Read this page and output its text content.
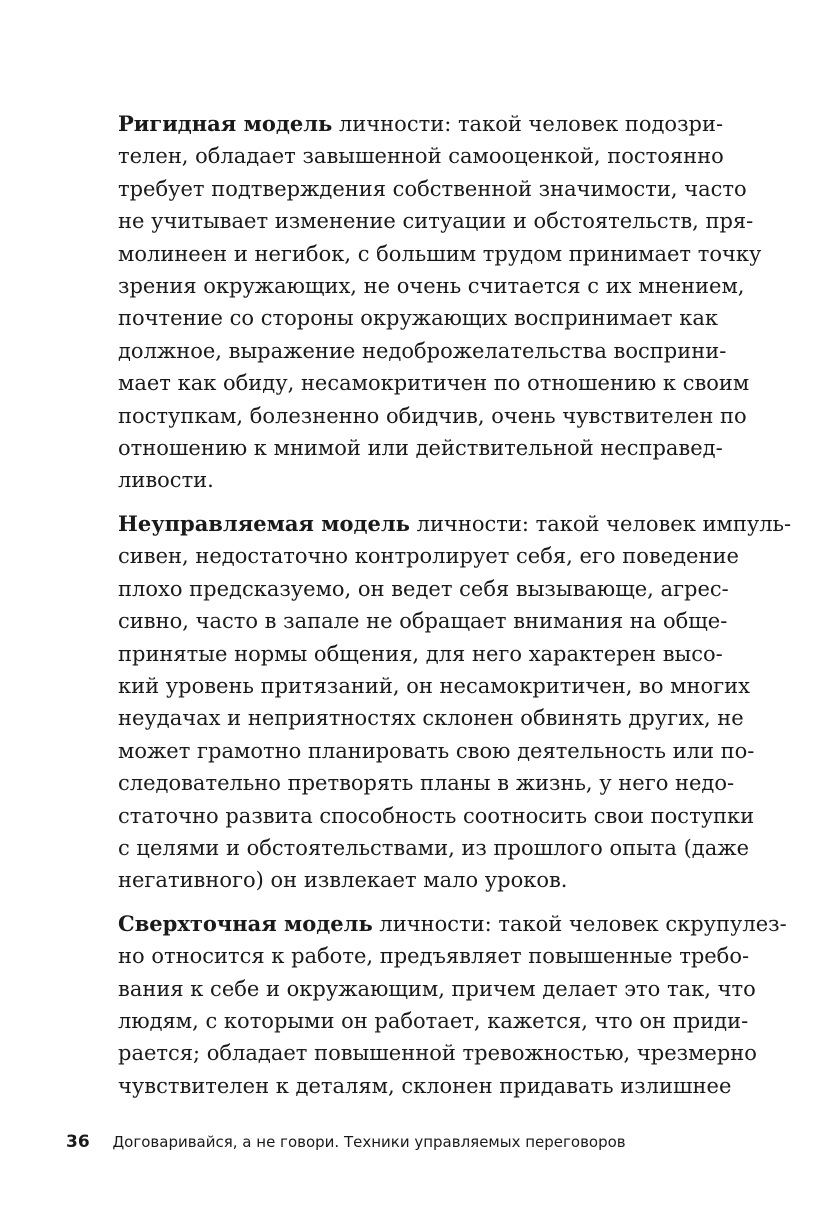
Ригидная модель личности: такой человек подозри-
телен, обладает завышенной самооценкой, постоянно
требует подтверждения собственной значимости, часто
не учитывает изменение ситуации и обстоятельств, пря-
молинеен и негибок, с большим трудом принимает точку
зрения окружающих, не очень считается с их мнением,
почтение со стороны окружающих воспринимает как
должное, выражение недоброжелательства восприни-
мает как обиду, несамокритичен по отношению к своим
поступкам, болезненно обидчив, очень чувствителен по
отношению к мнимой или действительной несправед-
ливости.

Неуправляемая модель личности: такой человек импуль-
сивен, недостаточно контролирует себя, его поведение
плохо предсказуемо, он ведет себя вызывающе, агрес-
сивно, часто в запале не обращает внимания на обще-
принятые нормы общения, для него характерен высо-
кий уровень притязаний, он несамокритичен, во многих
неудачах и неприятностях склонен обвинять других, не
может грамотно планировать свою деятельность или по-
следовательно претворять планы в жизнь, у него недо-
статочно развита способность соотносить свои поступки
с целями и обстоятельствами, из прошлого опыта (даже
негативного) он извлекает мало уроков.

Сверхточная модель личности: такой человек скрупулез-
но относится к работе, предъявляет повышенные требо-
вания к себе и окружающим, причем делает это так, что
людям, с которыми он работает, кажется, что он приди-
рается; обладает повышенной тревожностью, чрезмерно
чувствителен к деталям, склонен придавать излишнее

36 Договаривайся, а не говори. Техники управляемых переговоров
